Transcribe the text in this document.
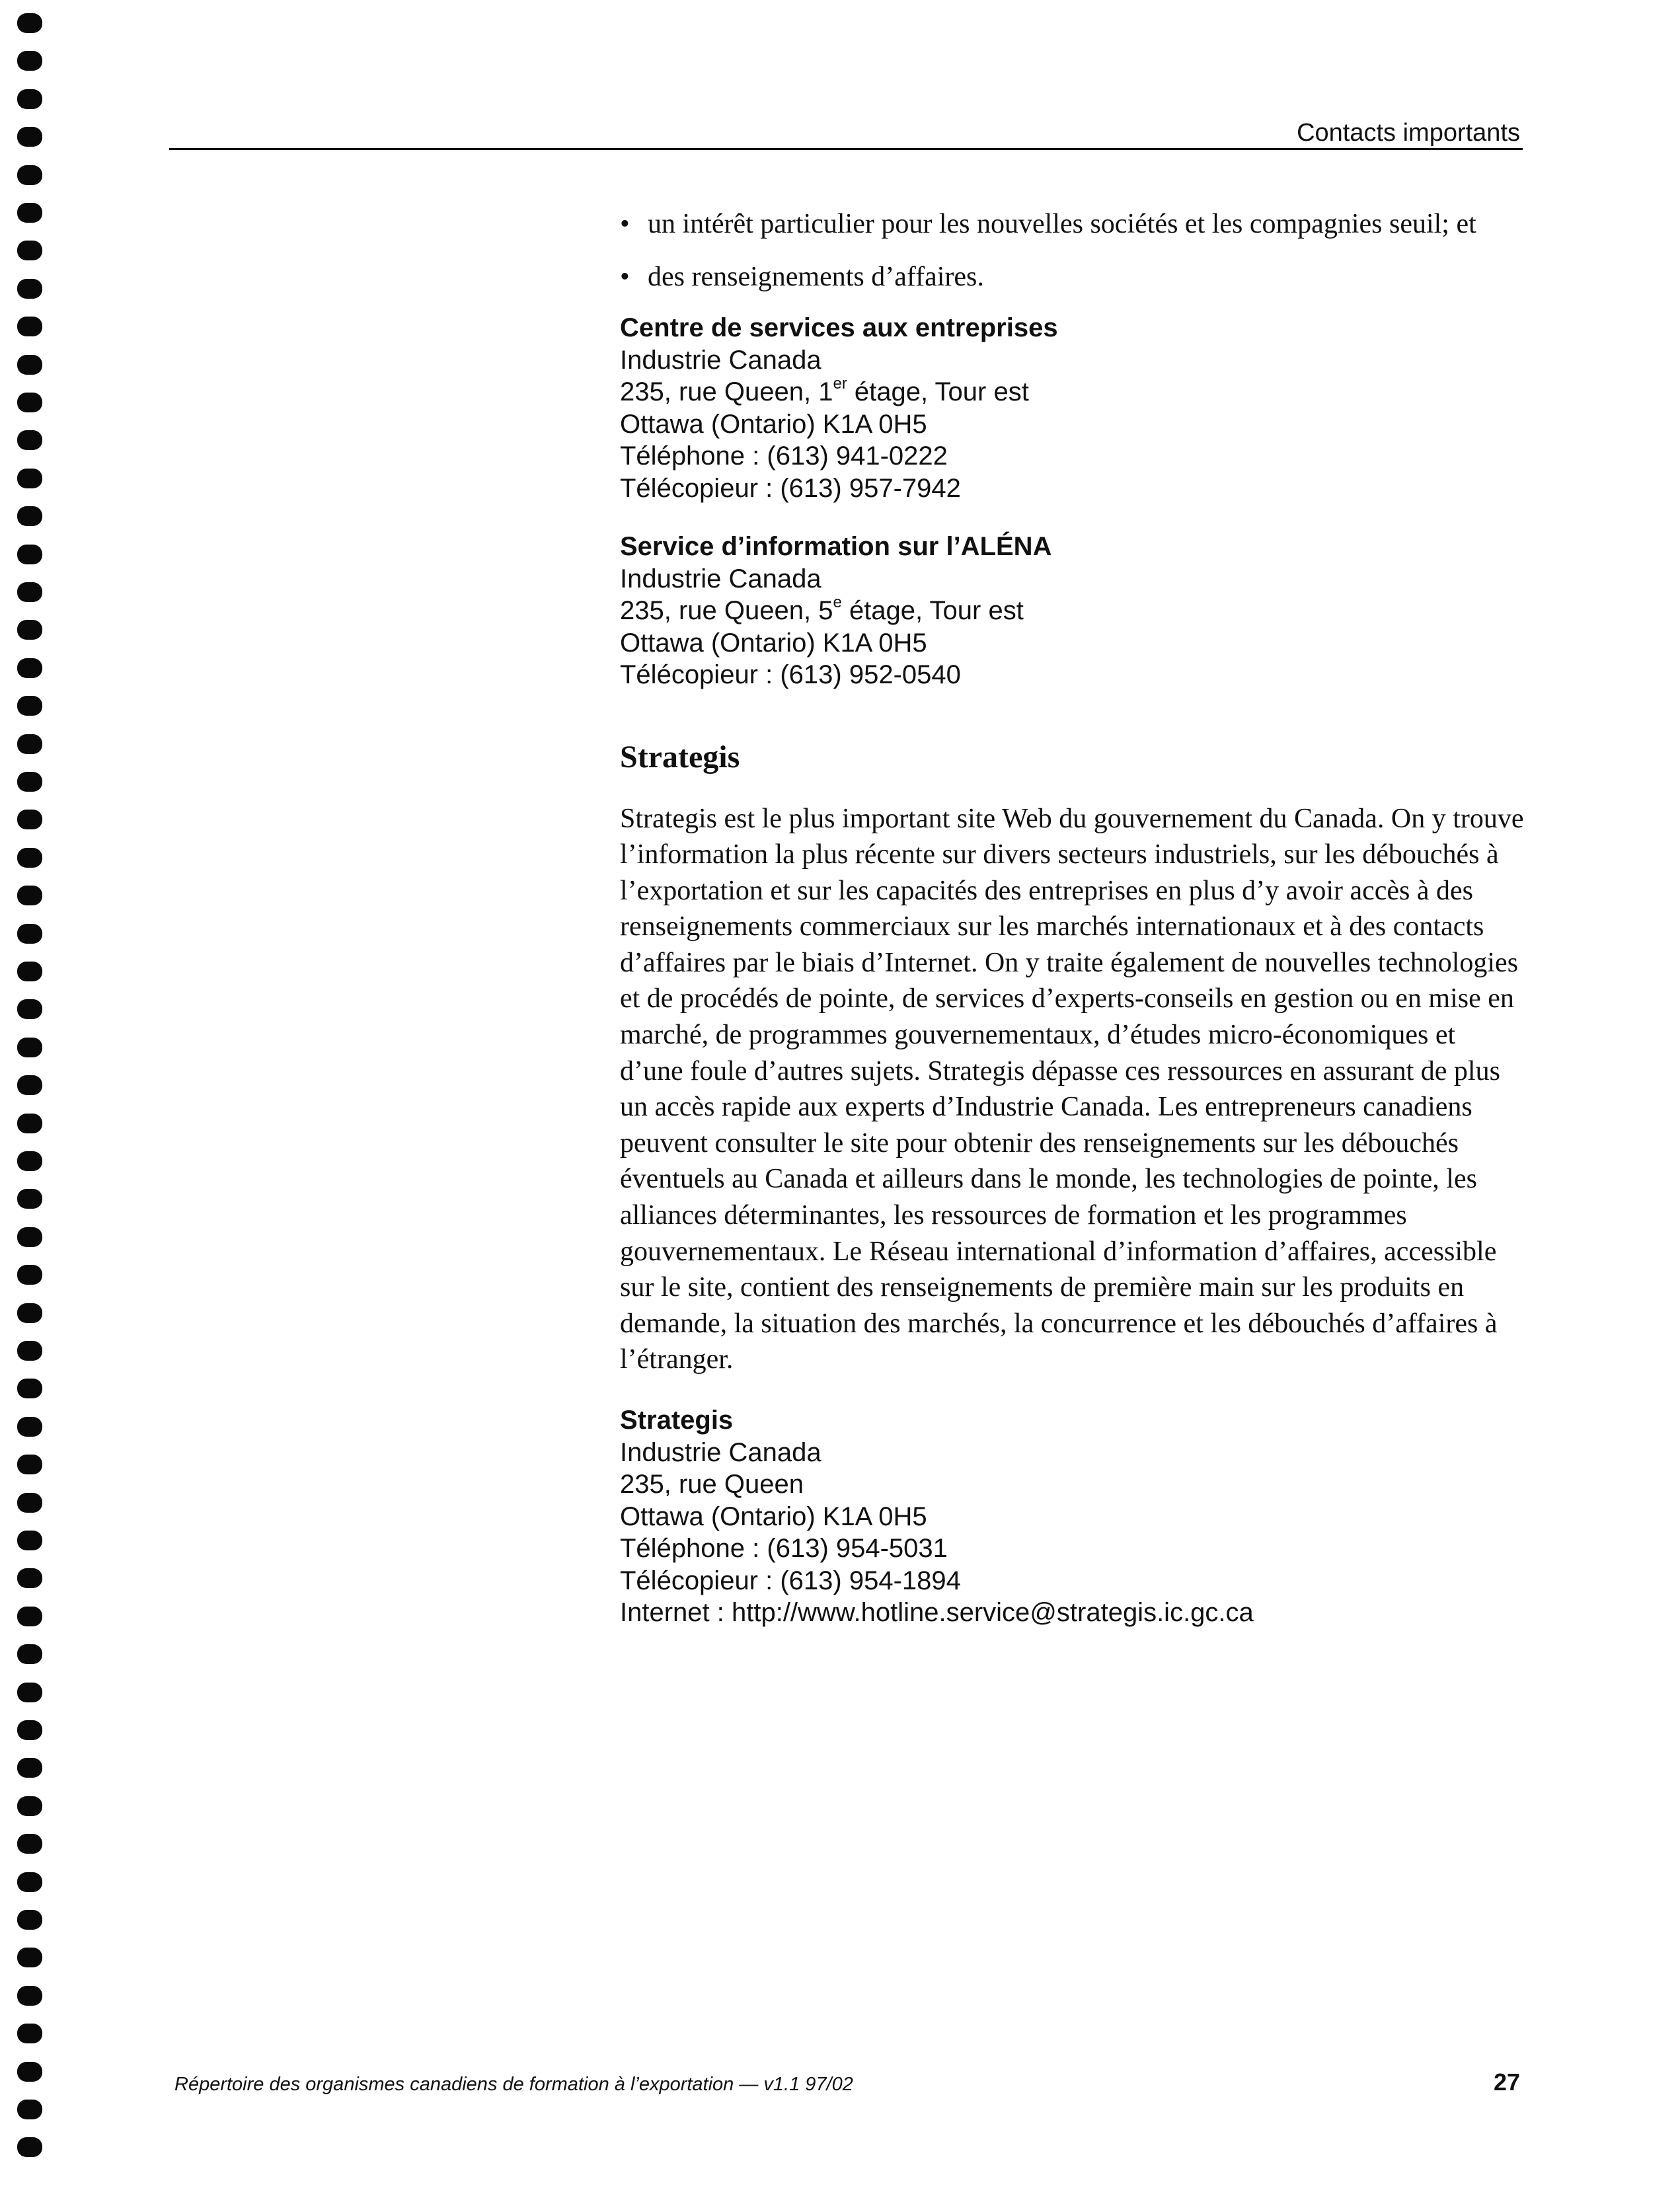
Contacts importants
• un intérêt particulier pour les nouvelles sociétés et les compagnies seuil; et
• des renseignements d’affaires.
Centre de services aux entreprises
Industrie Canada
235, rue Queen, 1er étage, Tour est
Ottawa (Ontario) K1A 0H5
Téléphone : (613) 941-0222
Télécopieur : (613) 957-7942
Service d’information sur l’ALÉNA
Industrie Canada
235, rue Queen, 5e étage, Tour est
Ottawa (Ontario) K1A 0H5
Télécopieur : (613) 952-0540
Strategis

Strategis est le plus important site Web du gouvernement du Canada. On y trouve l’information la plus récente sur divers secteurs industriels, sur les débouchés à l’exportation et sur les capacités des entreprises en plus d’y avoir accès à des renseignements commerciaux sur les marchés internationaux et à des contacts d’affaires par le biais d’Internet. On y traite également de nouvelles technologies et de procédés de pointe, de services d’experts-conseils en gestion ou en mise en marché, de programmes gouvernementaux, d’études micro-économiques et d’une foule d’autres sujets. Strategis dépasse ces ressources en assurant de plus un accès rapide aux experts d’Industrie Canada. Les entrepreneurs canadiens peuvent consulter le site pour obtenir des renseignements sur les débouchés éventuels au Canada et ailleurs dans le monde, les technologies de pointe, les alliances déterminantes, les ressources de formation et les programmes gouvernementaux. Le Réseau international d’information d’affaires, accessible sur le site, contient des renseignements de première main sur les produits en demande, la situation des marchés, la concurrence et les débouchés d’affaires à l’étranger.

Strategis
Industrie Canada
235, rue Queen
Ottawa (Ontario) K1A 0H5
Téléphone : (613) 954-5031
Télécopieur : (613) 954-1894
Internet : http://www.hotline.service@strategis.ic.gc.ca
Répertoire des organismes canadiens de formation à l’exportation — v1.1 97/02	27
